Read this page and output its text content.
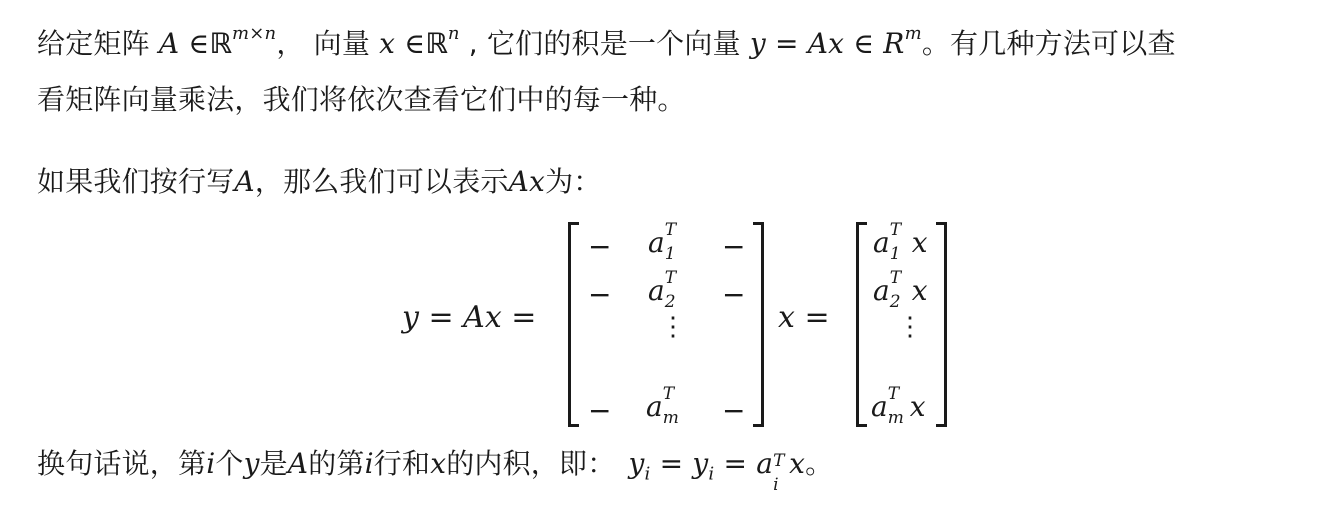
给定矩阵 A ∈ℝ$^{m\times n}$， 向量 x ∈ℝ$^n$ , 它们的积是一个向量 y = Ax ∈ $R^m$。有几种方法可以查
看矩阵向量乘法，我们将依次查看它们中的每一种。
如果我们按行写A，那么我们可以表示Ax为：
y = Ax =
− a T
1 −
− a T
2 −
⋮
− a T
m −
x =
a T
1 x
a T
2 x
⋮
a T
m x
换句话说，第i个y是A的第i行和x的内积，即： $y_i = y_i = a$ T
i
x。
